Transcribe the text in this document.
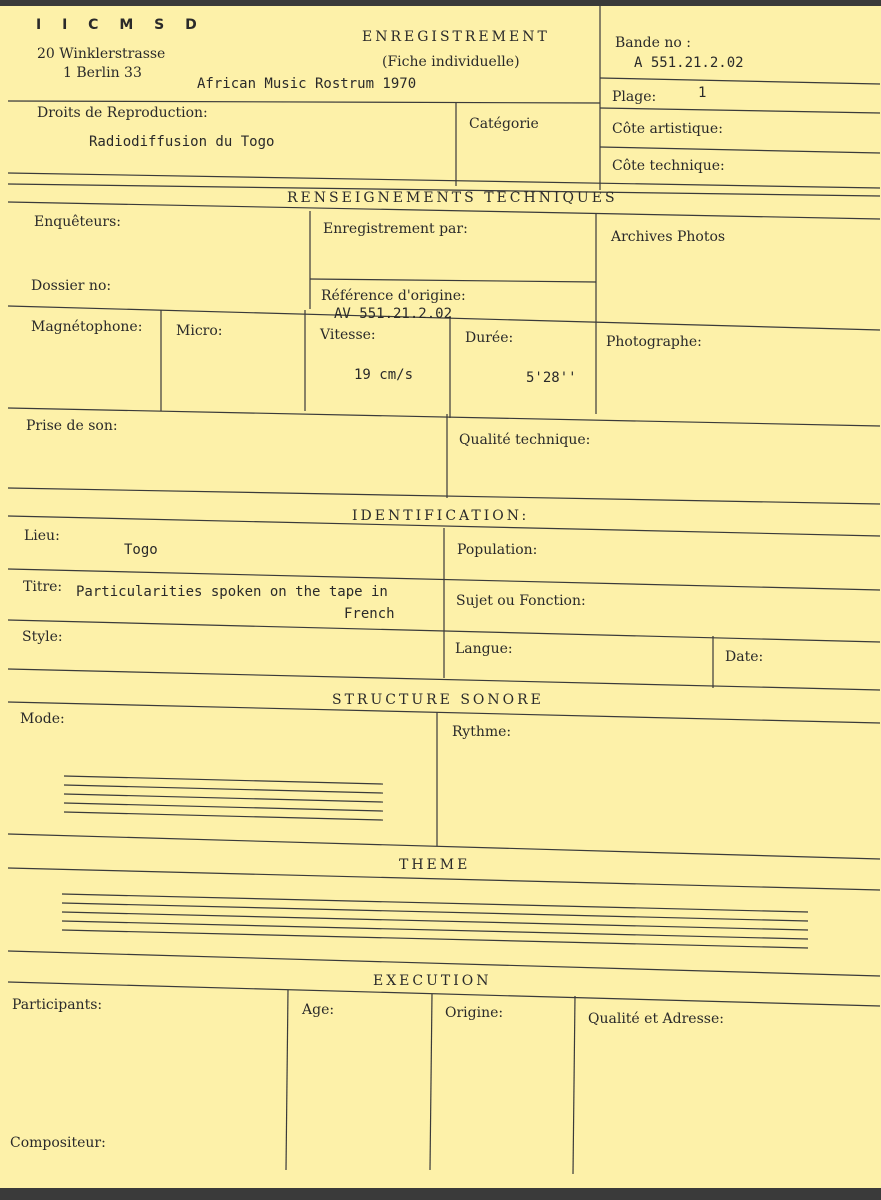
I I C M S D
20 Winklerstrasse
1 Berlin 33
ENREGISTREMENT
(Fiche individuelle)
African Music Rostrum 1970
Bande no :
A 551.21.2.02
Plage:	1
Droits de Reproduction:
Radiodiffusion du Togo
Catégorie	Côte artistique:
Côte technique:
RENSEIGNEMENTS TECHNIQUES
Enquêteurs:	Enregistrement par:	Archives Photos
Dossier no:
Référence d'origine:
AV 551.21.2.02
Magnétophone: Micro:	Vitesse:
19 cm/s
Durée:
5'28''
Photographe:
Prise de son:
Qualité technique:
IDENTIFICATION:
Lieu:
Togo	Population:
Titre: Particularities spoken on the tape in
French
Sujet ou Fonction:
Style:
Langue:	Date:
STRUCTURE SONORE
Mode:
Rythme:
THEME
EXECUTION
Participants:	Age:	Origine:	Qualité et Adresse:
Compositeur:
